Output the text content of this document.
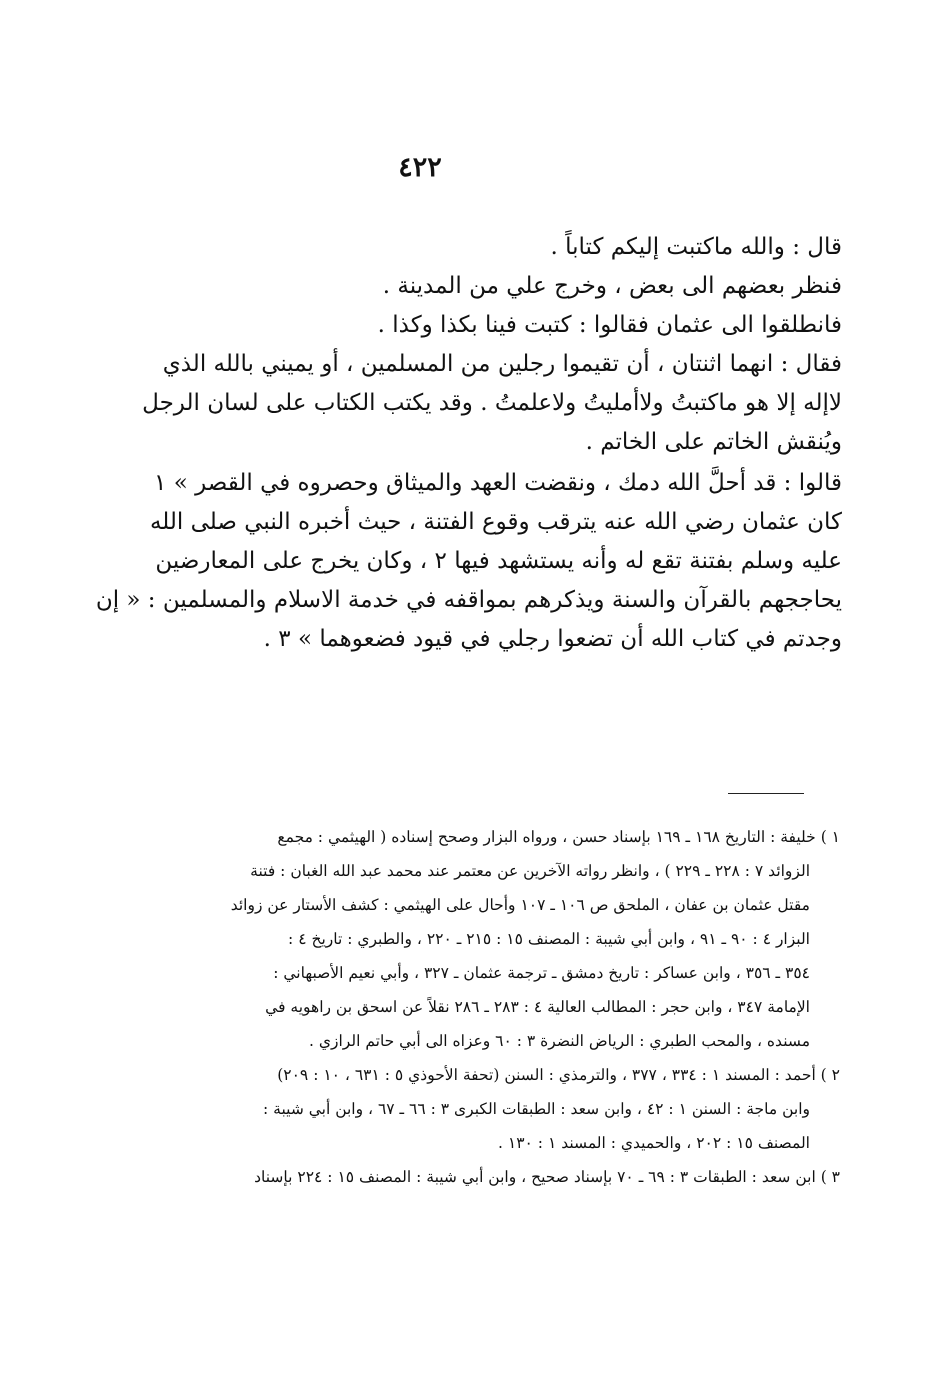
٤٢٢
قال : والله ماكتبت إليكم كتاباً .
فنظر بعضهم الى بعض ، وخرج علي من المدينة .
فانطلقوا الى عثمان فقالوا : كتبت فينا بكذا وكذا .
فقال : انهما اثنتان ، أن تقيموا رجلين من المسلمين ، أو يميني بالله الذي
لاإله إلا هو ماكتبتُ ولاأمليتُ ولاعلمتُ . وقد يكتب الكتاب على لسان الرجل
ويُنقش الخاتم على الخاتم .
قالوا : قد أحلَّ الله دمك ، ونقضت العهد والميثاق وحصروه في القصر » ١
كان عثمان رضي الله عنه يترقب وقوع الفتنة ، حيث أخبره النبي صلى الله
عليه وسلم بفتنة تقع له وأنه يستشهد فيها ٢ ، وكان يخرج على المعارضين
يحاججهم بالقرآن والسنة ويذكرهم بمواقفه في خدمة الاسلام والمسلمين : « إن
وجدتم في كتاب الله أن تضعوا رجلي في قيود فضعوهما » ٣ .
١ ) خليفة : التاريخ ١٦٨ ـ ١٦٩ بإسناد حسن ، ورواه البزار وصحح إسناده ( الهيثمي : مجمع
الزوائد ٧ : ٢٢٨ ـ ٢٢٩ ) ، وانظر رواته الآخرين عن معتمر عند محمد عبد الله الغبان : فتنة
مقتل عثمان بن عفان ، الملحق ص ١٠٦ ـ ١٠٧ وأحال على الهيثمي : كشف الأستار عن زوائد
البزار ٤ : ٩٠ ـ ٩١ ، وابن أبي شيبة : المصنف ١٥ : ٢١٥ ـ ٢٢٠ ، والطبري : تاريخ ٤ :
٣٥٤ ـ ٣٥٦ ، وابن عساكر : تاريخ دمشق ـ ترجمة عثمان ـ ٣٢٧ ، وأبي نعيم الأصبهاني :
الإمامة ٣٤٧ ، وابن حجر : المطالب العالية ٤ : ٢٨٣ ـ ٢٨٦ نقلاً عن اسحق بن راهويه في
مسنده ، والمحب الطبري : الرياض النضرة ٣ : ٦٠ وعزاه الى أبي حاتم الرازي .
٢ ) أحمد : المسند ١ : ٣٣٤ ، ٣٧٧ ، والترمذي : السنن (تحفة الأحوذي ٥ : ٦٣١ ، ١٠ : ٢٠٩)
وابن ماجة : السنن ١ : ٤٢ ، وابن سعد : الطبقات الكبرى ٣ : ٦٦ ـ ٦٧ ، وابن أبي شيبة :
المصنف ١٥ : ٢٠٢ ، والحميدي : المسند ١ : ١٣٠ .
٣ ) ابن سعد : الطبقات ٣ : ٦٩ ـ ٧٠ بإسناد صحيح ، وابن أبي شيبة : المصنف ١٥ : ٢٢٤ بإسناد
